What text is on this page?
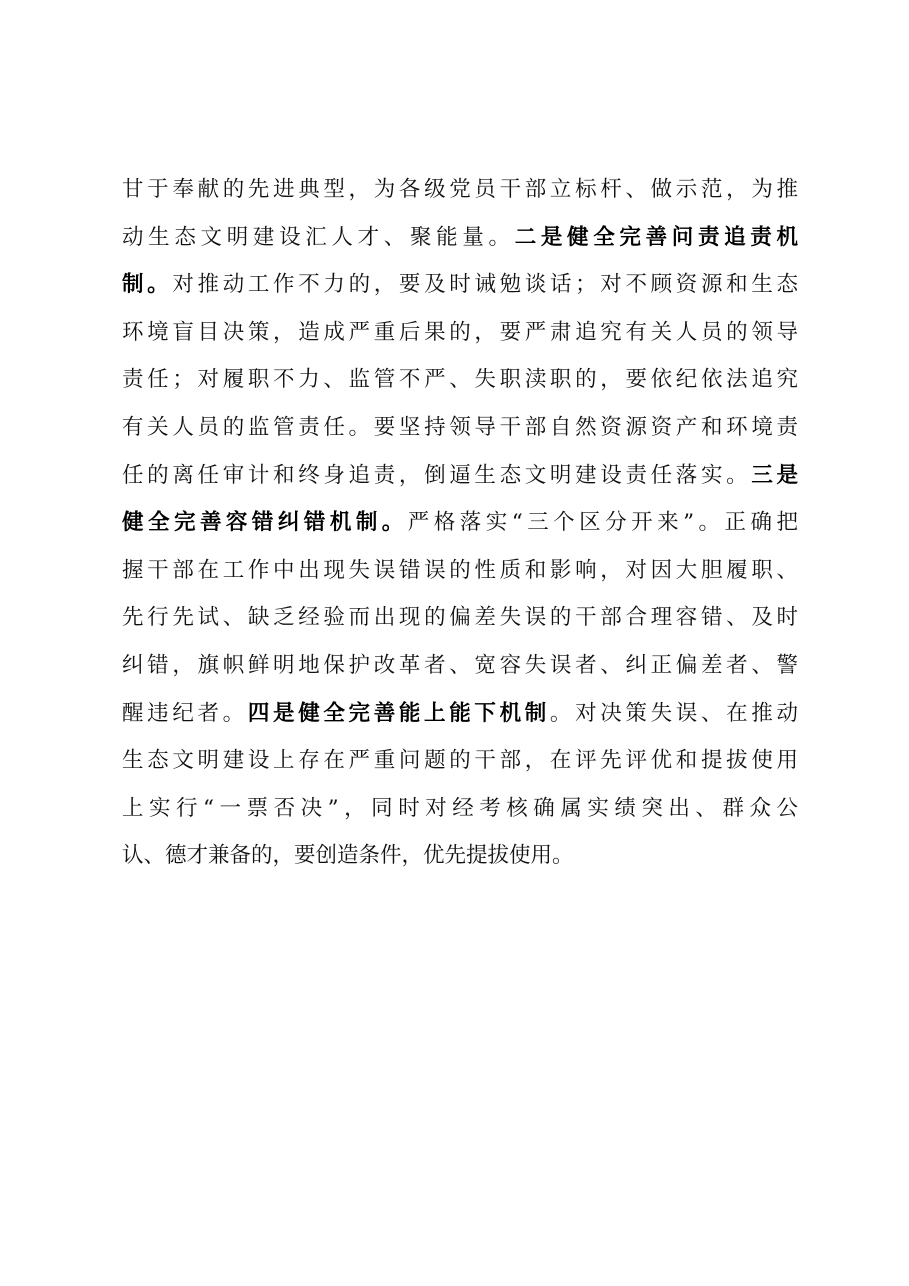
甘于奉献的先进典型，为各级党员干部立标杆、做示范，为推
动生态文明建设汇人才、聚能量。二是健全完善问责追责机
制。对推动工作不力的，要及时诫勉谈话；对不顾资源和生态
环境盲目决策，造成严重后果的，要严肃追究有关人员的领导
责任；对履职不力、监管不严、失职渎职的，要依纪依法追究
有关人员的监管责任。要坚持领导干部自然资源资产和环境责
任的离任审计和终身追责，倒逼生态文明建设责任落实。三是
健全完善容错纠错机制。严格落实“三个区分开来”。正确把
握干部在工作中出现失误错误的性质和影响，对因大胆履职、
先行先试、缺乏经验而出现的偏差失误的干部合理容错、及时
纠错，旗帜鲜明地保护改革者、宽容失误者、纠正偏差者、警
醒违纪者。四是健全完善能上能下机制。对决策失误、在推动
生态文明建设上存在严重问题的干部，在评先评优和提拔使用
上实行“一票否决”，同时对经考核确属实绩突出、群众公
认、德才兼备的，要创造条件，优先提拔使用。
